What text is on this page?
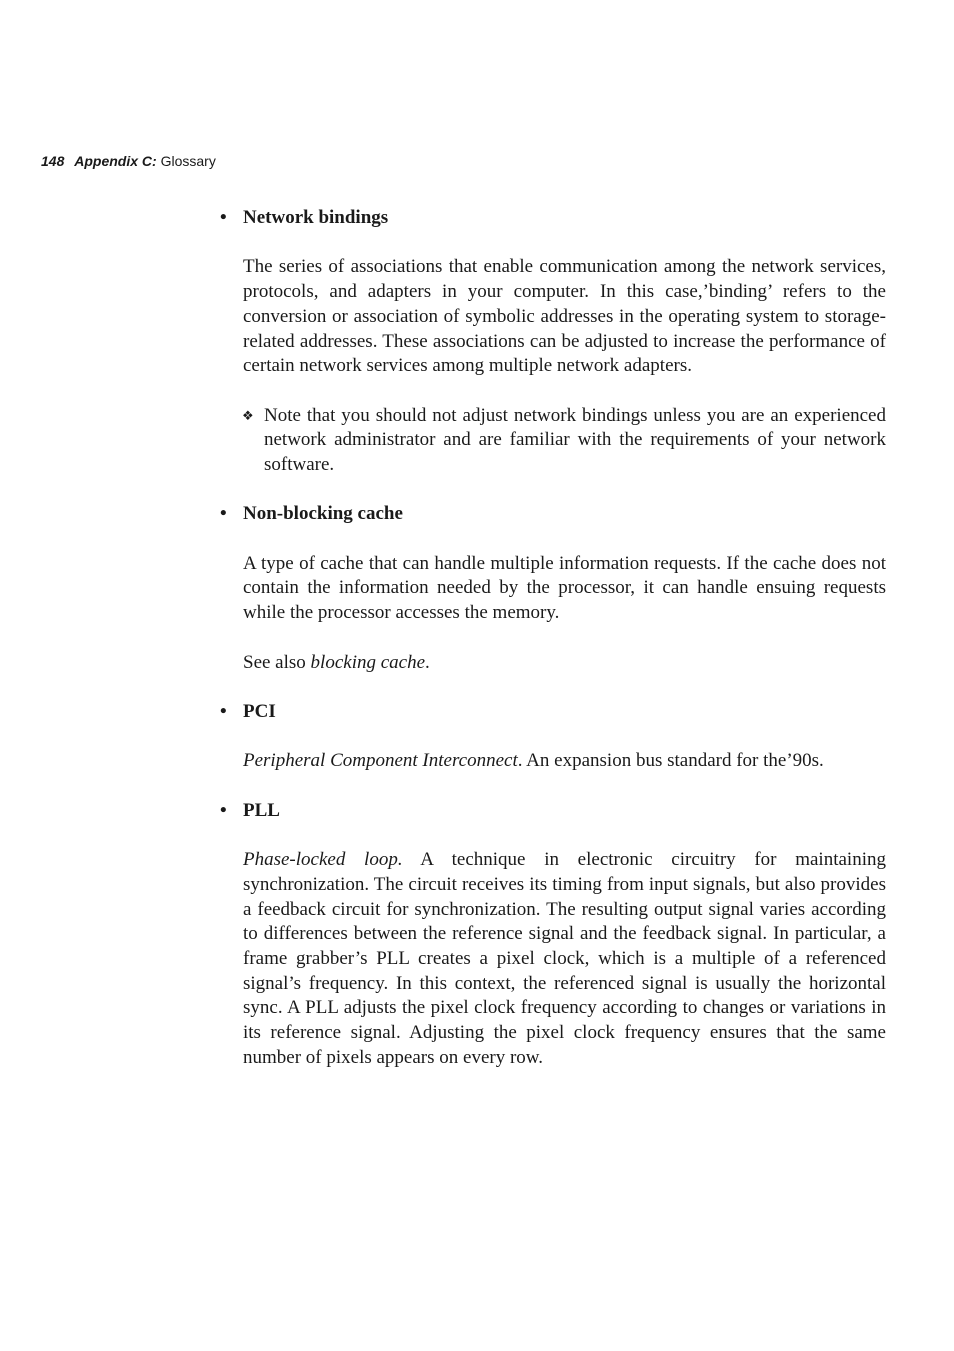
148 Appendix C: Glossary

• Network bindings

The series of associations that enable communication among the network services, protocols, and adapters in your computer. In this case,’binding’ refers to the conversion or association of symbolic addresses in the operating system to storage-related addresses. These associations can be adjusted to increase the performance of certain network services among multiple network adapters.

❖ Note that you should not adjust network bindings unless you are an experienced network administrator and are familiar with the requirements of your network software.

• Non-blocking cache

A type of cache that can handle multiple information requests. If the cache does not contain the information needed by the processor, it can handle ensuing requests while the processor accesses the memory.

See also blocking cache.

• PCI

Peripheral Component Interconnect. An expansion bus standard for the’90s.

• PLL

Phase-locked loop. A technique in electronic circuitry for maintaining synchronization. The circuit receives its timing from input signals, but also provides a feedback circuit for synchronization. The resulting output signal varies according to differences between the reference signal and the feedback signal. In particular, a frame grabber’s PLL creates a pixel clock, which is a multiple of a referenced signal’s frequency. In this context, the referenced signal is usually the horizontal sync. A PLL adjusts the pixel clock frequency according to changes or variations in its reference signal. Adjusting the pixel clock frequency ensures that the same number of pixels appears on every row.
